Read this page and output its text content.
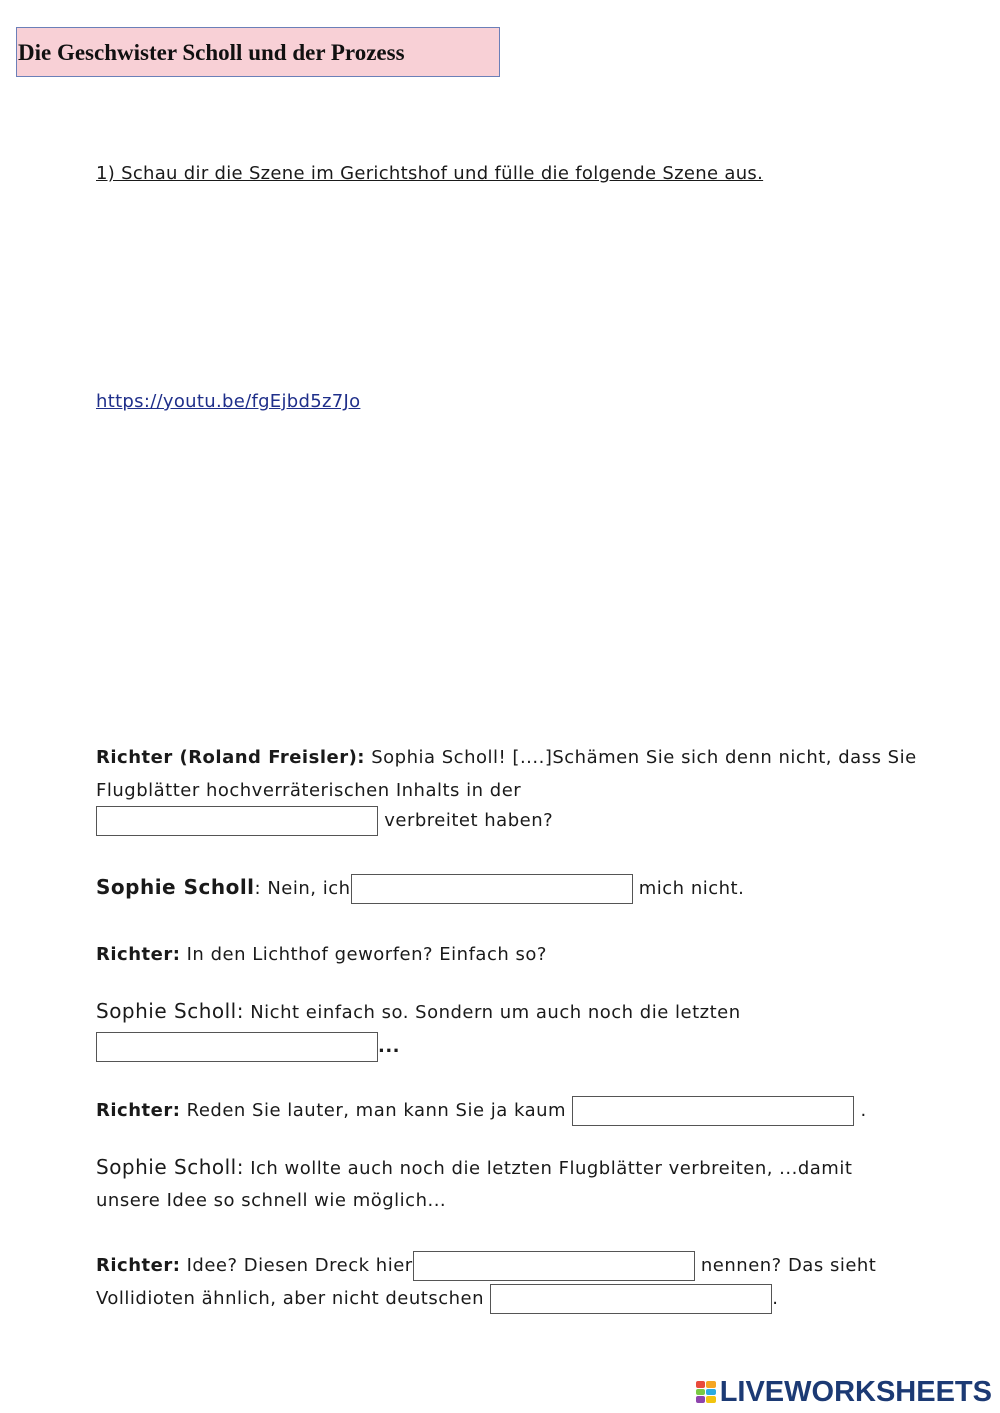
Die Geschwister Scholl und der Prozess
1) Schau dir die Szene im Gerichtshof und fülle die folgende Szene aus.
https://youtu.be/fgEjbd5z7Jo
Richter (Roland Freisler): Sophia Scholl! [....]Schämen Sie sich denn nicht, dass Sie
Flugblätter hochverräterischen Inhalts in der
verbreitet haben?
Sophie Scholl: Nein, ich	mich nicht.
Richter: In den Lichthof geworfen? Einfach so?
Sophie Scholl: Nicht einfach so. Sondern um auch noch die letzten
...
Richter: Reden Sie lauter, man kann Sie ja kaum	.
Sophie Scholl: Ich wollte auch noch die letzten Flugblätter verbreiten, ...damit
unsere Idee so schnell wie möglich...
Richter: Idee? Diesen Dreck hier	nennen? Das sieht
Vollidioten ähnlich, aber nicht deutschen	.
LIVEWORKSHEETS
